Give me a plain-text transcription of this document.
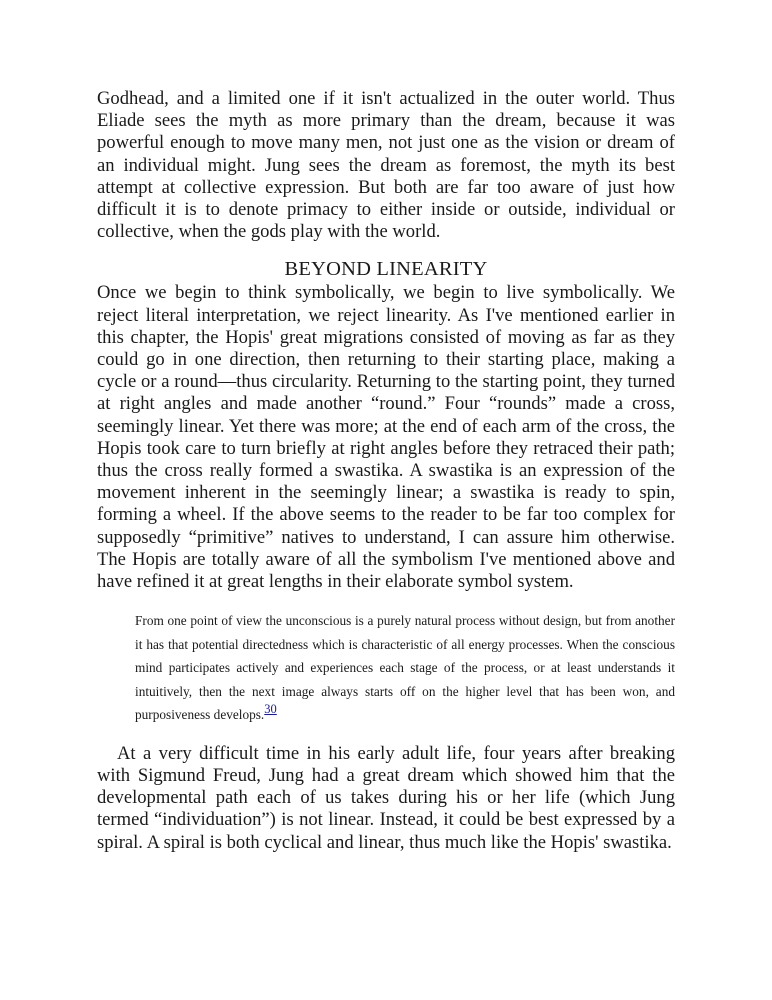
Godhead, and a limited one if it isn't actualized in the outer world. Thus Eliade sees the myth as more primary than the dream, because it was powerful enough to move many men, not just one as the vision or dream of an individual might. Jung sees the dream as foremost, the myth its best attempt at collective expression. But both are far too aware of just how difficult it is to denote primacy to either inside or outside, individual or collective, when the gods play with the world.

BEYOND LINEARITY

Once we begin to think symbolically, we begin to live symbolically. We reject literal interpretation, we reject linearity. As I've mentioned earlier in this chapter, the Hopis' great migrations consisted of moving as far as they could go in one direction, then returning to their starting place, making a cycle or a round—thus circularity. Returning to the starting point, they turned at right angles and made another “round.” Four “rounds” made a cross, seemingly linear. Yet there was more; at the end of each arm of the cross, the Hopis took care to turn briefly at right angles before they retraced their path; thus the cross really formed a swastika. A swastika is an expression of the movement inherent in the seemingly linear; a swastika is ready to spin, forming a wheel. If the above seems to the reader to be far too complex for supposedly “primitive” natives to understand, I can assure him otherwise. The Hopis are totally aware of all the symbolism I've mentioned above and have refined it at great lengths in their elaborate symbol system.

From one point of view the unconscious is a purely natural process without design, but from another it has that potential directedness which is characteristic of all energy processes. When the conscious mind participates actively and experiences each stage of the process, or at least understands it intuitively, then the next image always starts off on the higher level that has been won, and purposiveness develops.30

At a very difficult time in his early adult life, four years after breaking with Sigmund Freud, Jung had a great dream which showed him that the developmental path each of us takes during his or her life (which Jung termed “individuation”) is not linear. Instead, it could be best expressed by a spiral. A spiral is both cyclical and linear, thus much like the Hopis' swastika.
